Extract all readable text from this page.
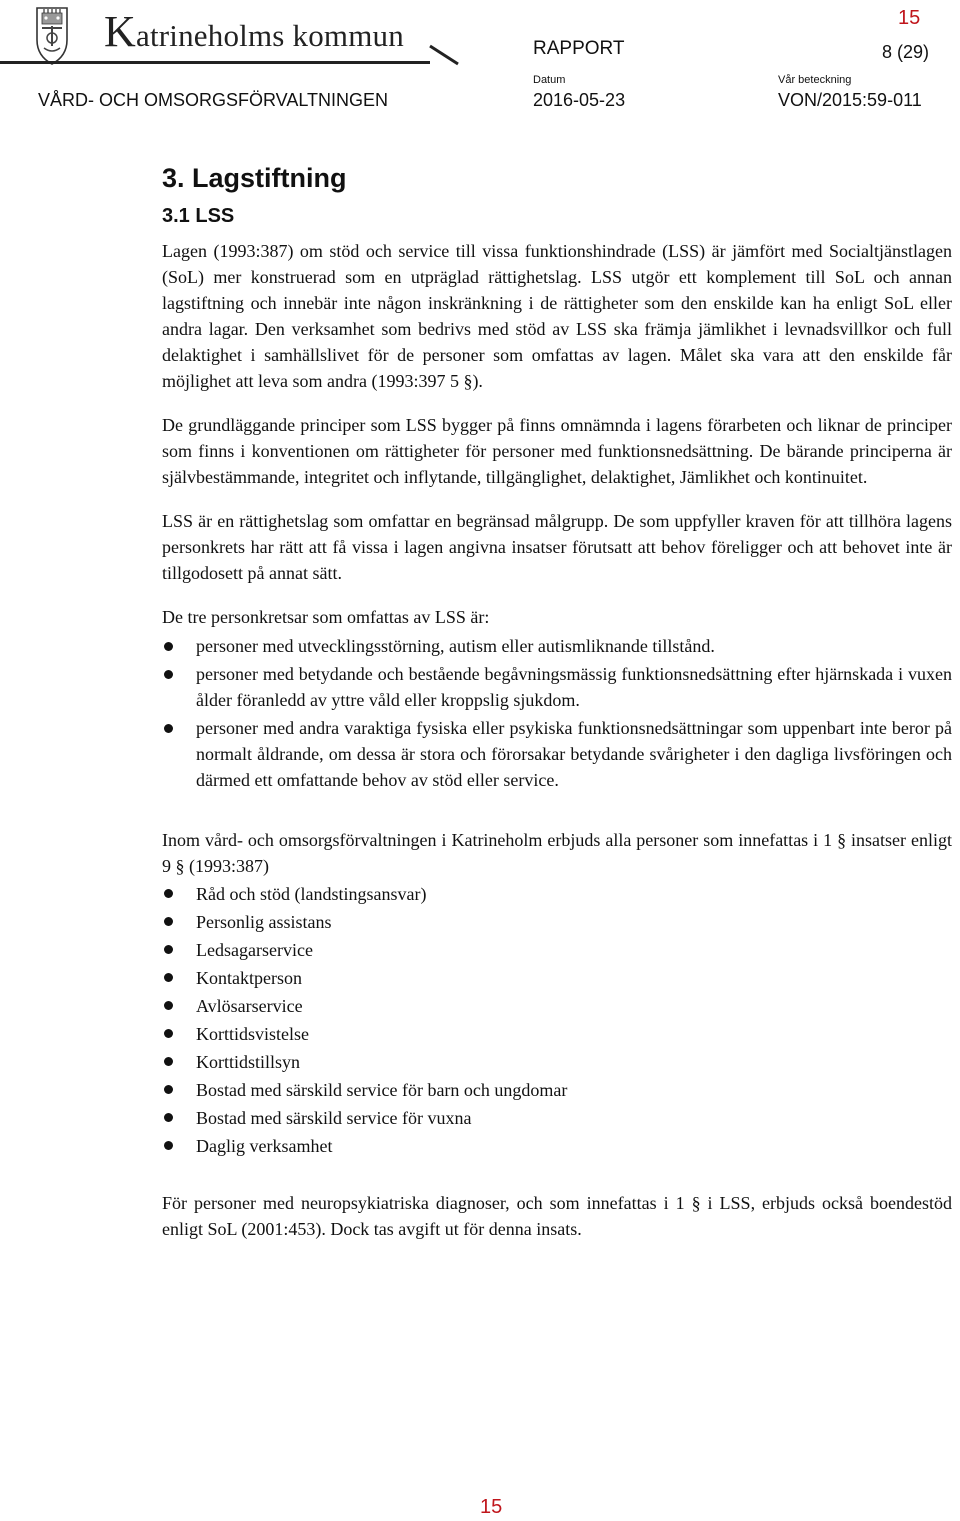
Katrineholms kommun	RAPPORT
15
8 (29)
Datum	Vår beteckning
VÅRD- OCH OMSORGSFÖRVALTNINGEN	2016-05-23	VON/2015:59-011
3. Lagstiftning
3.1 LSS

Lagen (1993:387) om stöd och service till vissa funktionshindrade (LSS) är jämfört med Socialtjänstlagen (SoL) mer konstruerad som en utpräglad rättighetslag. LSS utgör ett komplement till SoL och annan lagstiftning och innebär inte någon inskränkning i de rättigheter som den enskilde kan ha enligt SoL eller andra lagar. Den verksamhet som bedrivs med stöd av LSS ska främja jämlikhet i levnadsvillkor och full delaktighet i samhällslivet för de personer som omfattas av lagen. Målet ska vara att den enskilde får möjlighet att leva som andra (1993:397 5 §).

De grundläggande principer som LSS bygger på finns omnämnda i lagens förarbeten och liknar de principer som finns i konventionen om rättigheter för personer med funktionsnedsättning. De bärande principerna är självbestämmande, integritet och inflytande, tillgänglighet, delaktighet, Jämlikhet och kontinuitet.

LSS är en rättighetslag som omfattar en begränsad målgrupp. De som uppfyller kraven för att tillhöra lagens personkrets har rätt att få vissa i lagen angivna insatser förutsatt att behov föreligger och att behovet inte är tillgodosett på annat sätt.

De tre personkretsar som omfattas av LSS är:

personer med utvecklingsstörning, autism eller autismliknande tillstånd.
personer med betydande och bestående begåvningsmässig funktionsnedsättning efter hjärnskada i vuxen ålder föranledd av yttre våld eller kroppslig sjukdom.
personer med andra varaktiga fysiska eller psykiska funktionsnedsättningar som uppenbart inte beror på normalt åldrande, om dessa är stora och förorsakar betydande svårigheter i den dagliga livsföringen och därmed ett omfattande behov av stöd eller service.

Inom vård- och omsorgsförvaltningen i Katrineholm erbjuds alla personer som innefattas i 1 § insatser enligt 9 § (1993:387)

Råd och stöd (landstingsansvar)
Personlig assistans
Ledsagarservice
Kontaktperson
Avlösarservice
Korttidsvistelse
Korttidstillsyn
Bostad med särskild service för barn och ungdomar
Bostad med särskild service för vuxna
Daglig verksamhet

För personer med neuropsykiatriska diagnoser, och som innefattas i 1 § i LSS, erbjuds också boendestöd enligt SoL (2001:453). Dock tas avgift ut för denna insats.

15
